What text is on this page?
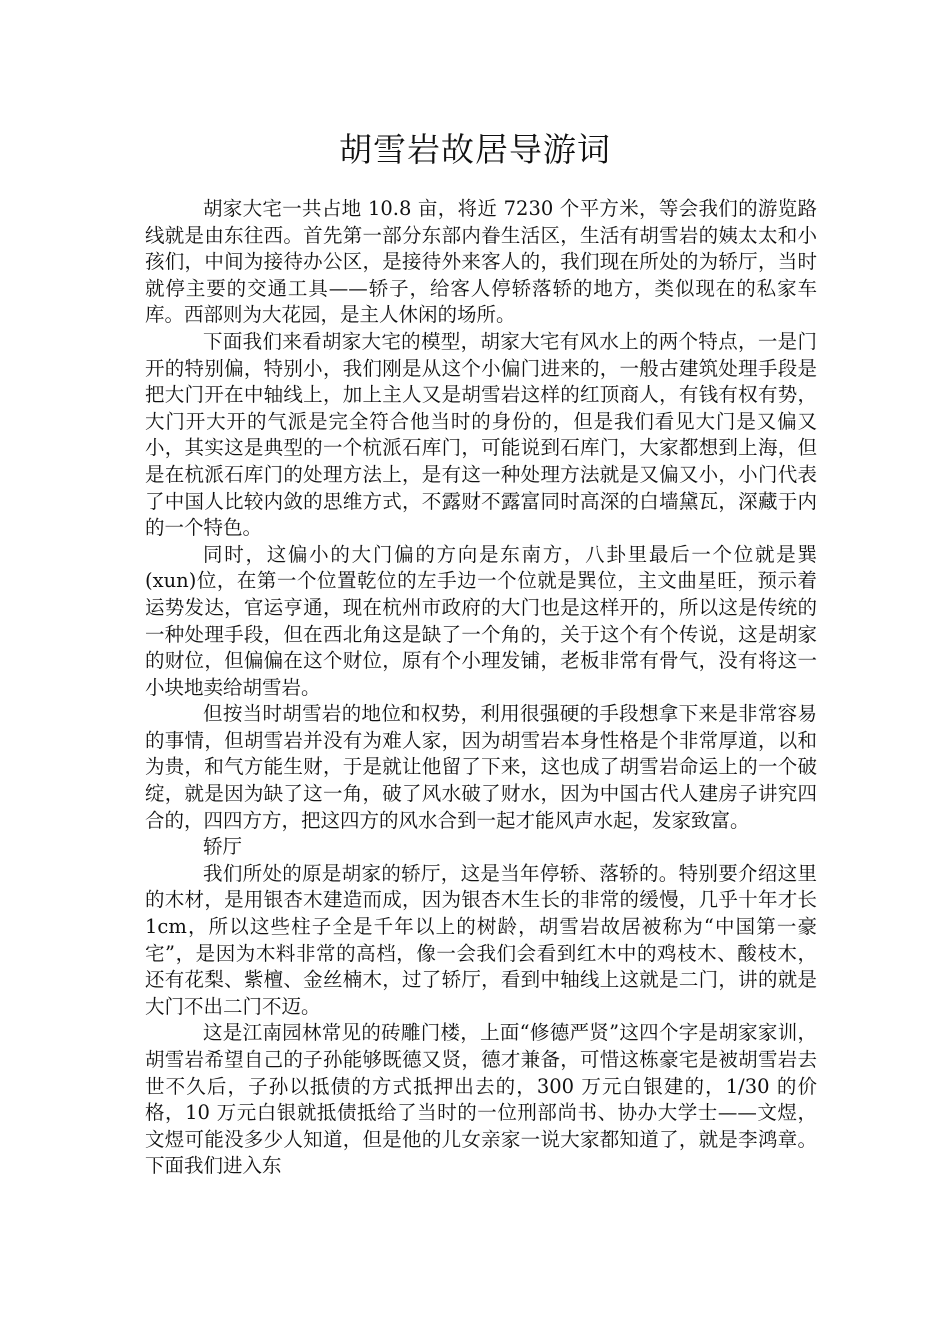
胡雪岩故居导游词

胡家大宅一共占地 10.8 亩，将近 7230 个平方米，等会我们的游览路线就是由东往西。首先第一部分东部内眷生活区，生活有胡雪岩的姨太太和小孩们，中间为接待办公区，是接待外来客人的，我们现在所处的为轿厅，当时就停主要的交通工具——轿子，给客人停轿落轿的地方，类似现在的私家车库。西部则为大花园，是主人休闲的场所。

下面我们来看胡家大宅的模型，胡家大宅有风水上的两个特点，一是门开的特别偏，特别小，我们刚是从这个小偏门进来的，一般古建筑处理手段是把大门开在中轴线上，加上主人又是胡雪岩这样的红顶商人，有钱有权有势，大门开大开的气派是完全符合他当时的身份的，但是我们看见大门是又偏又小，其实这是典型的一个杭派石库门，可能说到石库门，大家都想到上海，但是在杭派石库门的处理方法上，是有这一种处理方法就是又偏又小，小门代表了中国人比较内敛的思维方式，不露财不露富同时高深的白墙黛瓦，深藏于内的一个特色。

同时，这偏小的大门偏的方向是东南方，八卦里最后一个位就是巽(xun)位，在第一个位置乾位的左手边一个位就是巽位，主文曲星旺，预示着运势发达，官运亨通，现在杭州市政府的大门也是这样开的，所以这是传统的一种处理手段，但在西北角这是缺了一个角的，关于这个有个传说，这是胡家的财位，但偏偏在这个财位，原有个小理发铺，老板非常有骨气，没有将这一小块地卖给胡雪岩。

但按当时胡雪岩的地位和权势，利用很强硬的手段想拿下来是非常容易的事情，但胡雪岩并没有为难人家，因为胡雪岩本身性格是个非常厚道，以和为贵，和气方能生财，于是就让他留了下来，这也成了胡雪岩命运上的一个破绽，就是因为缺了这一角，破了风水破了财水，因为中国古代人建房子讲究四合的，四四方方，把这四方的风水合到一起才能风声水起，发家致富。

轿厅

我们所处的原是胡家的轿厅，这是当年停轿、落轿的。特别要介绍这里的木材，是用银杏木建造而成，因为银杏木生长的非常的缓慢，几乎十年才长 1cm，所以这些柱子全是千年以上的树龄，胡雪岩故居被称为“中国第一豪宅”，是因为木料非常的高档，像一会我们会看到红木中的鸡枝木、酸枝木，还有花梨、紫檀、金丝楠木，过了轿厅，看到中轴线上这就是二门，讲的就是大门不出二门不迈。

这是江南园林常见的砖雕门楼，上面“修德严贤”这四个字是胡家家训，胡雪岩希望自己的子孙能够既德又贤，德才兼备，可惜这栋豪宅是被胡雪岩去世不久后，子孙以抵债的方式抵押出去的，300 万元白银建的，1/30 的价格，10 万元白银就抵债抵给了当时的一位刑部尚书、协办大学士——文煜，文煜可能没多少人知道，但是他的儿女亲家一说大家都知道了，就是李鸿章。下面我们进入东
